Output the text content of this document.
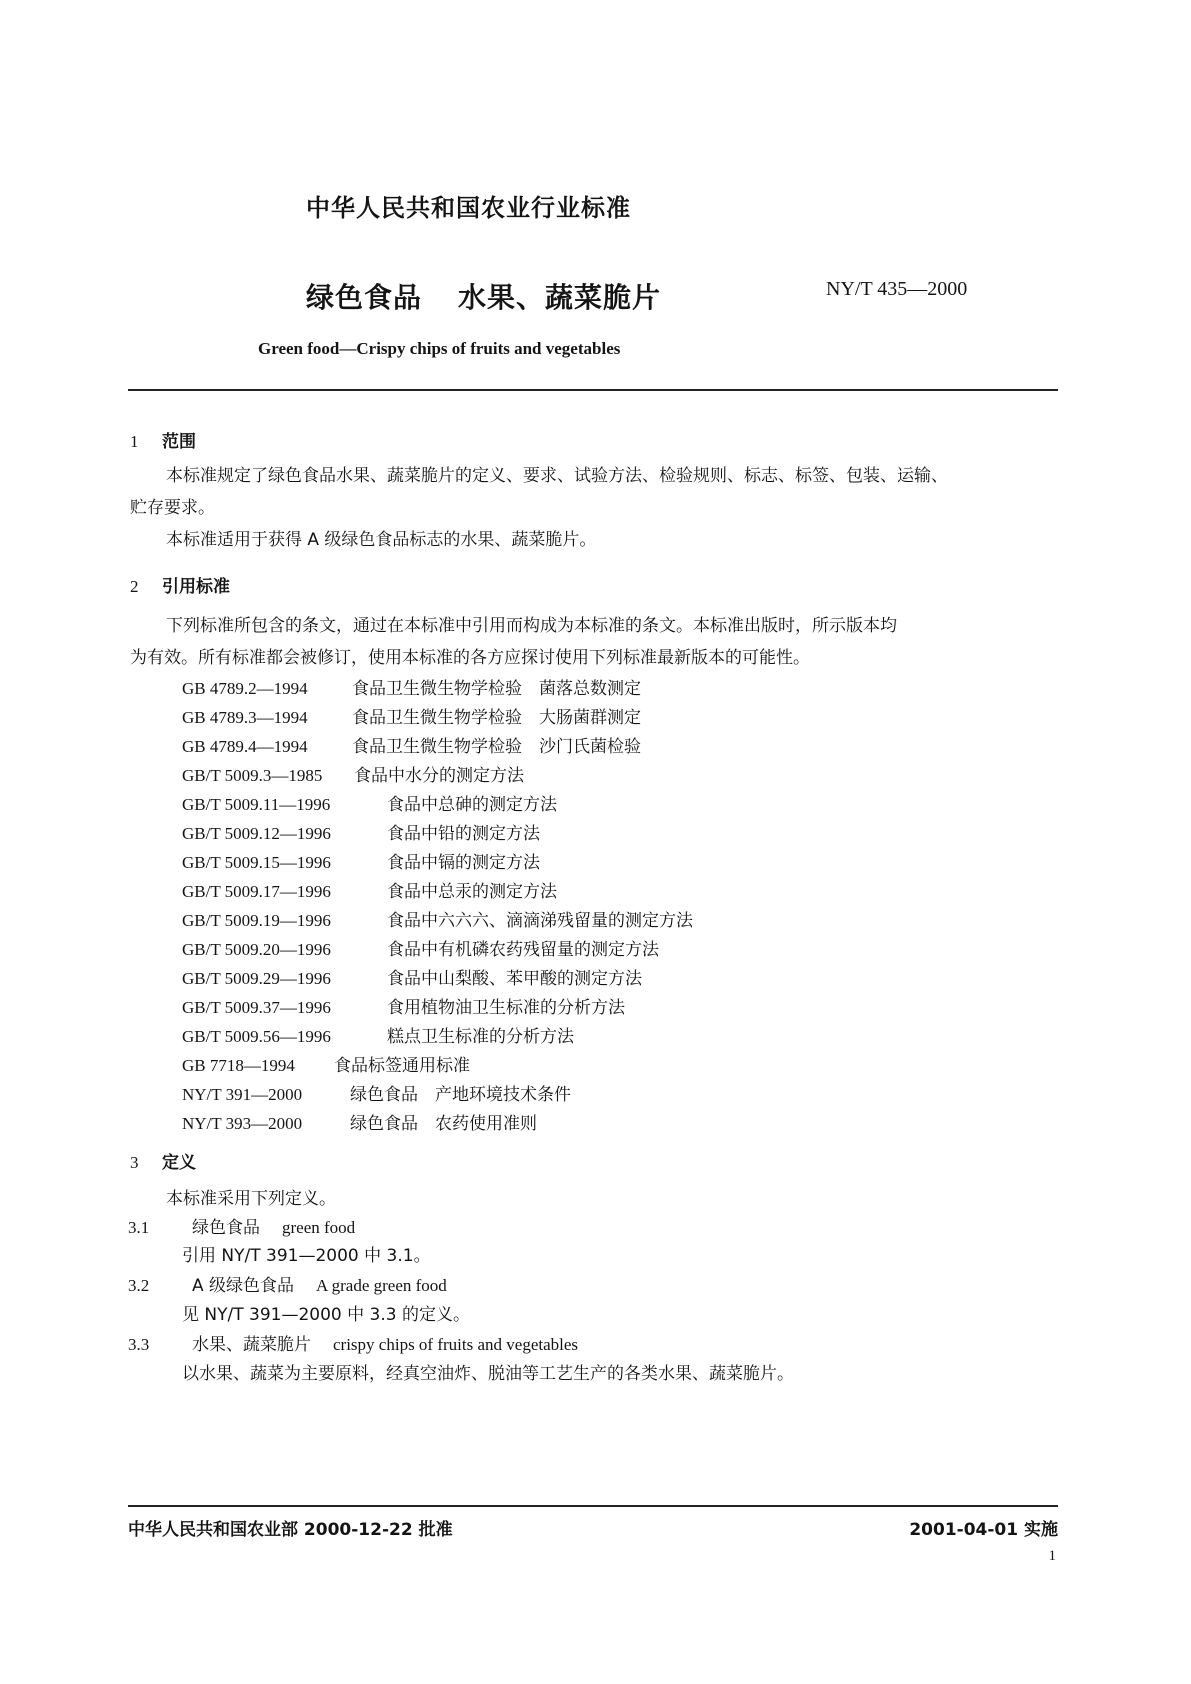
中华人民共和国农业行业标准
绿色食品 水果、蔬菜脆片	NY/T 435—2000
Green food—Crispy chips of fruits and vegetables
1 范围
本标准规定了绿色食品水果、蔬菜脆片的定义、要求、试验方法、检验规则、标志、标签、包装、运输、
贮存要求。
本标准适用于获得 A 级绿色食品标志的水果、蔬菜脆片。
2 引用标准
下列标准所包含的条文，通过在本标准中引用而构成为本标准的条文。本标准出版时，所示版本均
为有效。所有标准都会被修订，使用本标准的各方应探讨使用下列标准最新版本的可能性。
GB 4789.2—1994	食品卫生微生物学检验　菌落总数测定
GB 4789.3—1994	食品卫生微生物学检验　大肠菌群测定
GB 4789.4—1994	食品卫生微生物学检验　沙门氏菌检验
GB/T 5009.3—1985 食品中水分的测定方法
GB/T 5009.11—1996	食品中总砷的测定方法
GB/T 5009.12—1996	食品中铅的测定方法
GB/T 5009.15—1996	食品中镉的测定方法
GB/T 5009.17—1996	食品中总汞的测定方法
GB/T 5009.19—1996	食品中六六六、滴滴涕残留量的测定方法
GB/T 5009.20—1996	食品中有机磷农药残留量的测定方法
GB/T 5009.29—1996	食品中山梨酸、苯甲酸的测定方法
GB/T 5009.37—1996	食用植物油卫生标准的分析方法
GB/T 5009.56—1996	糕点卫生标准的分析方法
GB 7718—1994 食品标签通用标准
NY/T 391—2000	绿色食品　产地环境技术条件
NY/T 393—2000	绿色食品　农药使用准则
3 定义
本标准采用下列定义。
3.1	绿色食品 green food
引用 NY/T 391—2000 中 3.1。
3.2	A 级绿色食品 A grade green food
见 NY/T 391—2000 中 3.3 的定义。
3.3	水果、蔬菜脆片 crispy chips of fruits and vegetables
以水果、蔬菜为主要原料，经真空油炸、脱油等工艺生产的各类水果、蔬菜脆片。
中华人民共和国农业部 2000-12-22 批准	2001-04-01 实施
1
